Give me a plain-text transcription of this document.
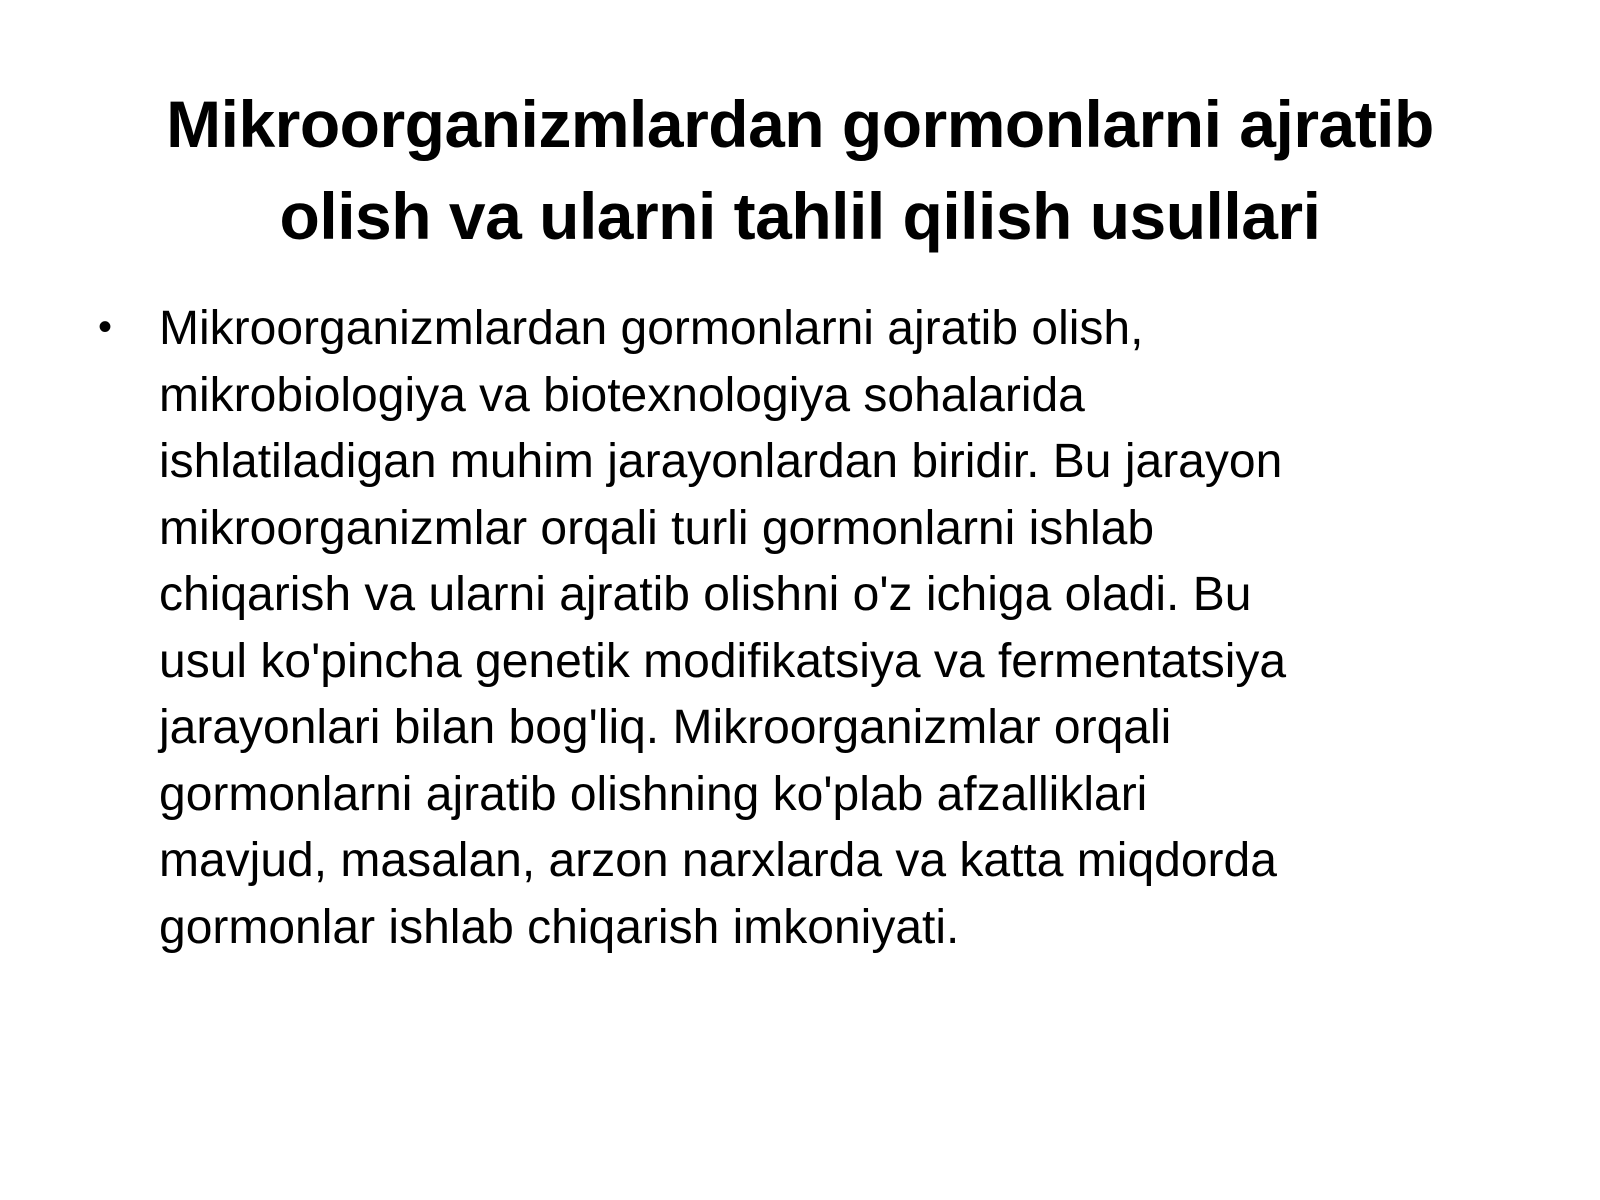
Mikroorganizmlardan gormonlarni ajratib
olish va ularni tahlil qilish usullari
• Mikroorganizmlardan gormonlarni ajratib olish,
mikrobiologiya va biotexnologiya sohalarida
ishlatiladigan muhim jarayonlardan biridir. Bu jarayon
mikroorganizmlar orqali turli gormonlarni ishlab
chiqarish va ularni ajratib olishni o'z ichiga oladi. Bu
usul ko'pincha genetik modifikatsiya va fermentatsiya
jarayonlari bilan bog'liq. Mikroorganizmlar orqali
gormonlarni ajratib olishning ko'plab afzalliklari
mavjud, masalan, arzon narxlarda va katta miqdorda
gormonlar ishlab chiqarish imkoniyati.
